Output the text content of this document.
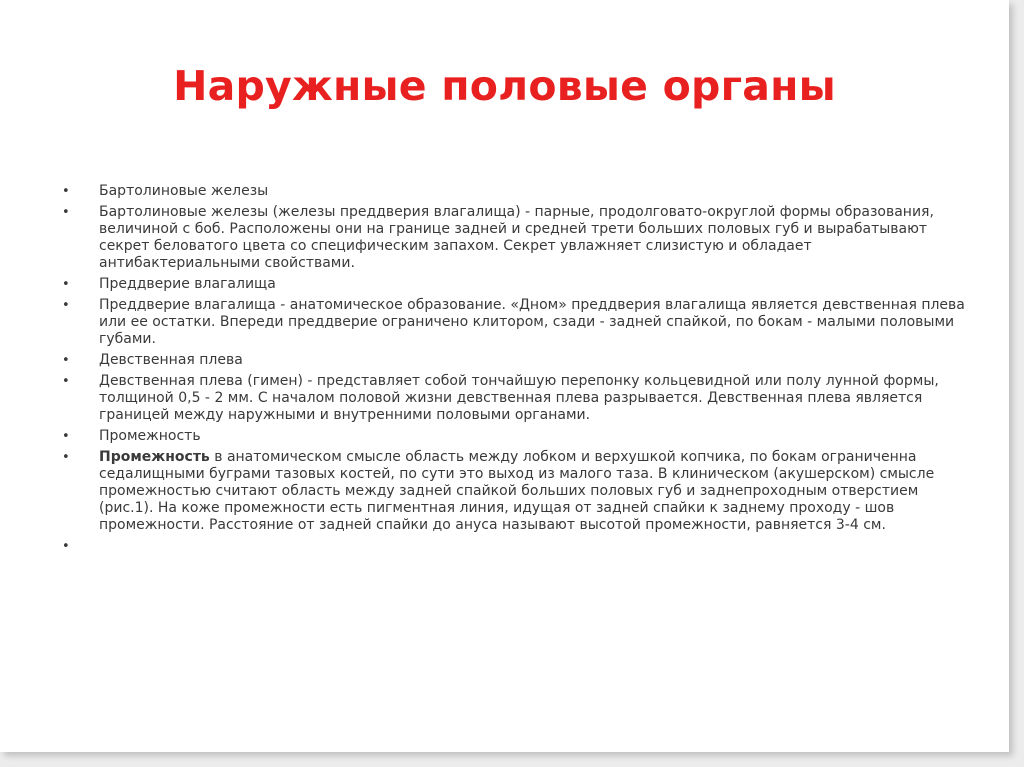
Наружные половые органы
•	Бартолиновые железы
•	Бартолиновые железы (железы преддверия влагалища) - парные, продолговато-округлой формы образования, величиной с боб. Расположены они на границе задней и средней трети больших половых губ и вырабатывают секрет беловатого цвета со специфическим запахом. Секрет увлажняет слизистую и обладает антибактериальными свойствами.
•	Преддверие влагалища
•	Преддверие влагалища - анатомическое образование. «Дном» преддверия влагалища является девственная плева или ее остатки. Впереди преддверие ограничено клитором, сзади - задней спайкой, по бокам - малыми половыми губами.
•	Девственная плева
•	Девственная плева (гимен) - представляет собой тончайшую перепонку кольцевидной или полу лунной формы, толщиной 0,5 - 2 мм. С началом половой жизни девственная плева разрывается. Девственная плева является границей между наружными и внутренними половыми органами.
•	Промежность
•	Промежность в анатомическом смысле область между лобком и верхушкой копчика, по бокам ограниченна седалищными буграми тазовых костей, по сути это выход из малого таза. В клиническом (акушерском) смысле промежностью считают область между задней спайкой больших половых губ и заднепроходным отверстием (рис.1). На коже промежности есть пигментная линия, идущая от задней спайки к заднему проходу - шов промежности. Расстояние от задней спайки до ануса называют высотой промежности, равняется 3-4 см.
•
